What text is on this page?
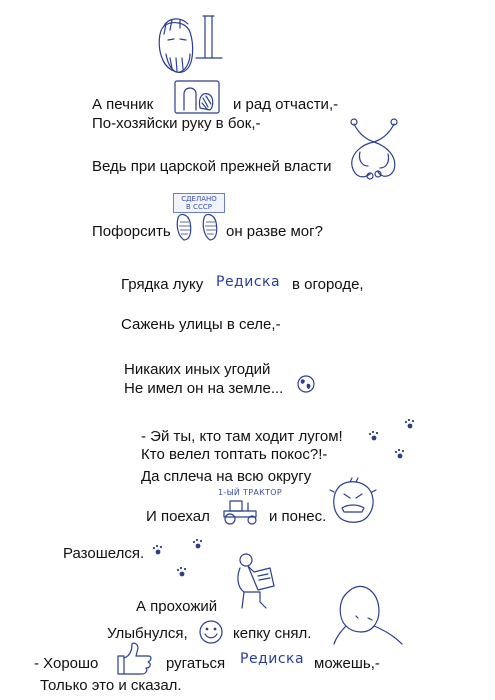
А печник	и рад отчасти,-
По-хозяйски руку в бок,-
Ведь при царской прежней власти
СДЕЛАНО
В СССР
Пофорсить	он разве мог?
Грядка луку Редиска в огороде,
Сажень улицы в селе,-
Никаких иных угодий
Не имел он на земле...
- Эй ты, кто там ходит лугом!
Кто велел топтать покос?!-
Да сплеча на всю округу
1-ЫЙ ТРАКТОР
И поехал	и понес.
Разошелся.
А прохожий
Улыбнулся,	кепку снял.
- Хорошо	ругаться Редиска можешь,-
Только это и сказал.
